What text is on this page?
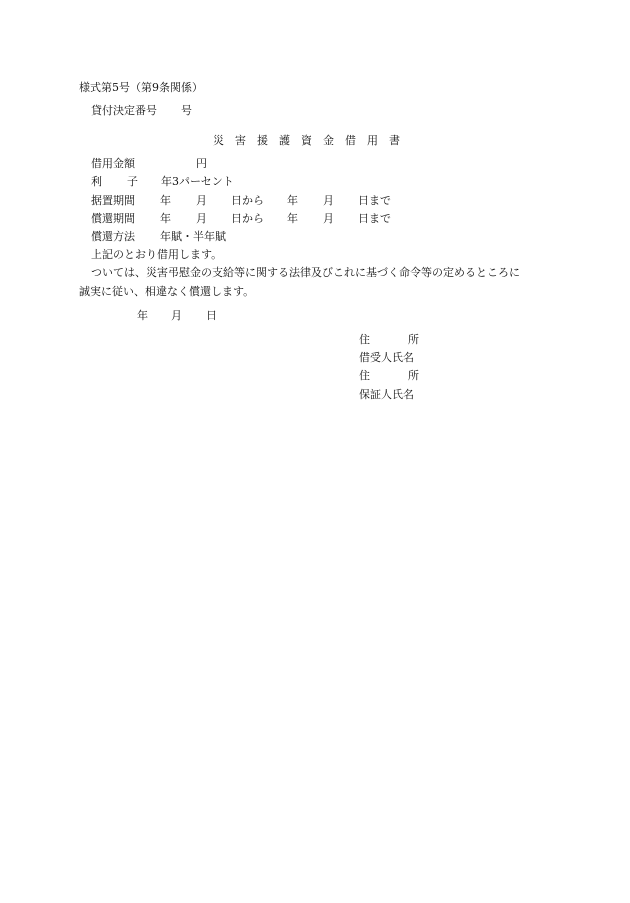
様式第5号（第9条関係）
貸付決定番号 号
災　害　援　護　資　金　借　用　書
借用金額	円
利 子 年3パーセント
据置期間 年 月 日から 年 月 日まで
償還期間 年 月 日から 年 月 日まで
償還方法 年賦・半年賦
上記のとおり借用します。
ついては、災害弔慰金の支給等に関する法律及びこれに基づく命令等の定めるところに
誠実に従い、相違なく償還します。
年 月 日
住	所
借受人氏名
住	所
保証人氏名
